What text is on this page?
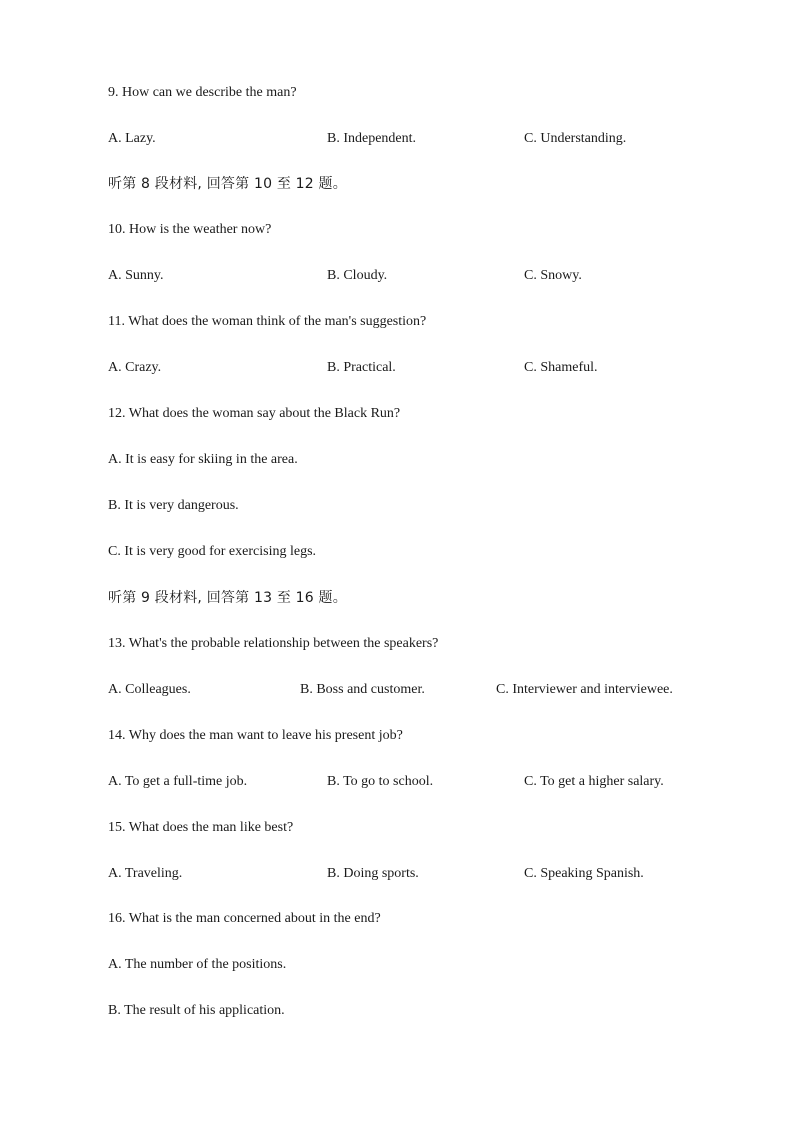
9. How can we describe the man?
A. Lazy.	B. Independent.	C. Understanding.
听第 8 段材料, 回答第 10 至 12 题。
10. How is the weather now?
A. Sunny.	B. Cloudy.	C. Snowy.
11. What does the woman think of the man's suggestion?
A. Crazy.	B. Practical.	C. Shameful.
12. What does the woman say about the Black Run?
A. It is easy for skiing in the area.
B. It is very dangerous.
C. It is very good for exercising legs.
听第 9 段材料, 回答第 13 至 16 题。
13. What's the probable relationship between the speakers?
A. Colleagues.	B. Boss and customer.	C. Interviewer and interviewee.
14. Why does the man want to leave his present job?
A. To get a full-time job.	B. To go to school.	C. To get a higher salary.
15. What does the man like best?
A. Traveling.	B. Doing sports.	C. Speaking Spanish.
16. What is the man concerned about in the end?
A. The number of the positions.
B. The result of his application.
